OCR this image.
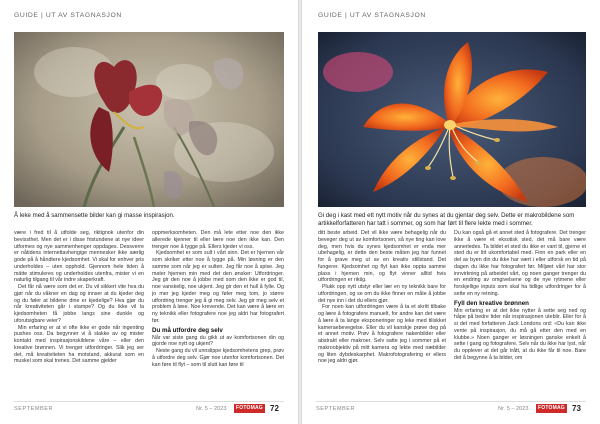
GUIDE | UT AV STAGNASJON
Å leke med å sammensette bilder kan gi masse inspirasjon.

være i fred til å utfolde seg, riktignok utenfor din bevissthet. Men det er i disse fristundene at nye ideer utformes og nye sammenhenger oppdages. Dessverre er nåtidens internettavhengige mennesker ikke særlig gode på å håndtere kjedsomhet. Vi skal for enhver pris underholdes – uten opphold. Gjennom hele tiden å mätte stimuleres og underholdes utenfra, mister vi en naturlig tilgang til vår indre skaperkraft.

Det får nå være som det er. Du vil sikkert vite hva du gjør når du våkner en dag og innser at du kjeder deg og du føler at bildene dine er kjedelige? Hva gjør du når kreativiteten går i stampe? Og du ikke vil la kjedsomheten få jobbe langs sine dunkle og uforutsigbare veier?

Min erfaring er at vi ofte ikke er gode når ingenting pushes oss. Da begynner vi å slakke av og mister kontakt med inspirasjonskildene våre – eller den kreative brønnen. Vi trenger utfordringer. Slik jeg ser det, må kreativiteten ha motstand, akkurat som en muskel som skal trenes. Det samme gjelder

oppmerksomheten. Den må lete etter noe den ikke allerede kjenner til eller lære noe den ikke kan. Den trenger noe å tygge på. Ellers kjeder vi oss.

Kjedsomhet er som sult i vårt sinn. Det er hjernen vår som skriker etter noe å tygge på. Min løsning er den samme som når jeg er sulten. Jeg får noe å spise. Jeg mater hjernen min med det den ønsker: Utfordringer. Jeg gir den noe å jobbe med som den ikke er god til, noe vanskelig, noe ukjent. Jeg gir den et hull å fylle. Og jo mer jeg kjeder meg og føler meg tom, jo større utfordring trenger jeg å gi meg selv. Jeg gir meg selv et problem å løse. Noe krevende. Det kan være å lære en ny teknikk eller fotografere noe jeg aldri har fotografert før.

Du må utfordre deg selv

Når var siste gang du gikk ut av komfortsonen din og gjorde noe nytt og ukjent?

Neste gang du vil unnslippe kjedsomhetens grep, prøv å utfordre deg selv. Gjør noe utenfor komfortsonen. Det kan føre til flyt – som til slutt kan føre til

SEPTEMBER	Nr. 5 – 2023	FOTOMAG 72
GUIDE | UT AV STAGNASJON
Gi deg i kast med ett nytt motiv når du synes at du gjentar deg selv. Dette er makrobildene som artikkelforfatteren har tatt i sommer, og som har ført til flere lekte med i sommer.

ditt beste arbeid. Det vil ikke være behagelig når du beveger deg ut av komfortsonen, så nye ting kan love deg, men hvis du synes kjedsomhet er enda mer ubehagelig, er dette den beste måten jeg har funnet for å grave meg ut av en kreativ stillstand. Det fungerer. Kjedsomhet og flyt kan ikke oppta samme plass i hjernen min, og flyt vinner alltid hvis utfordringen er riktig.

Plukk opp nytt utstyr eller lær en ny teknikk bare for utfordringen, og se om du ikke finner en måte å jobbe det nye inn i det du ellers gjør.

For noen kan utfordringen være å ta et skritt tilbake og lære å fotografere manuelt, for andre kan det være å lære å ta lange eksponeringer og leke med tiliskket kameraebevegelse. Eller du vil kanskje prøve deg på et annet motiv. Prøv å fotografere nakenbilder eller abstrakt eller makroer. Selv satte jeg i sommer på et makroobjektiv på mitt kamera og lekte med næbilder og liten dybdeskarphet. Makrofotografering er ellers noe jeg aldri gjør.

Du kan også gå et annet sted å fotografere. Det trenger ikke å være et eksotisk sted, det må bare være annerledes. Ta bildet et sted du ikke er vant til, gjerne et sted du er litt ukomfortabel med. Finn en park eller en del av byen din du ikke har vært i eller utforsk en tid på dagen du ikke har fotografert før. Miljøet vårt har stor innvirkning på arbeidet vårt, og noen ganger trenger du en endring av omgivelsene og de nye rytmene eller forskjellige inputs som skal ha tidlige utfordringer for å sette en ny retning.

Fyll den kreative brønnen

Min erfaring er at det ikke nytter å sette seg ned og håpe på bedre tider når inspirasjonen uteblir. Eller for å si det med forfatteren Jack Londons ord: «Du kan ikke vente på inspirasjon, du må gå etter den med en klubbe.» Noen ganger er løsningen ganske enkelt å sette i gang og fotografere. Selv når du ikke har lyst, når du opplever at det går trått, at du ikke får til noe. Bare det å begynne å ta bilder, om

SEPTEMBER	Nr. 5 – 2023	FOTOMAG 73
